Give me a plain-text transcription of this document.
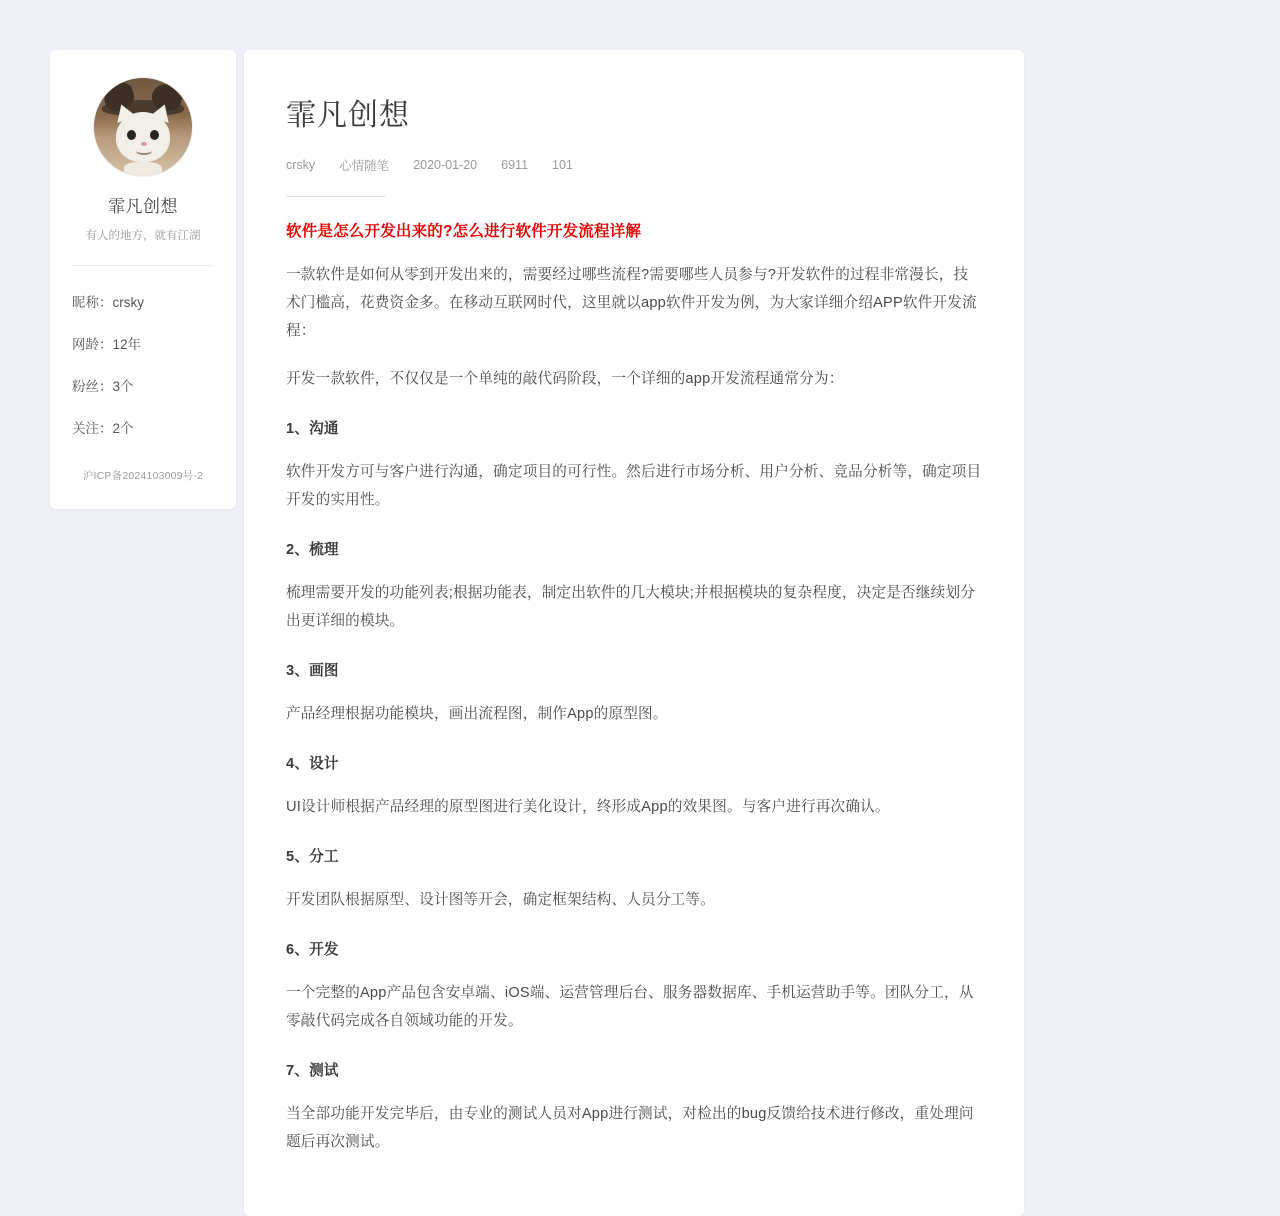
霏凡创想
有人的地方，就有江湖
昵称：crsky
网龄：12年
粉丝：3个
关注：2个
沪ICP备2024103009号-2
霏凡创想
crsky 心情随笔 2020-01-20 6911 101
软件是怎么开发出来的?怎么进行软件开发流程详解

一款软件是如何从零到开发出来的，需要经过哪些流程?需要哪些人员参与?开发软件的过程非常漫长，技术门槛高，花费资金多。在移动互联网时代，这里就以app软件开发为例，为大家详细介绍APP软件开发流程：

开发一款软件，不仅仅是一个单纯的敲代码阶段，一个详细的app开发流程通常分为：

1、沟通

软件开发方可与客户进行沟通，确定项目的可行性。然后进行市场分析、用户分析、竞品分析等，确定项目开发的实用性。

2、梳理

梳理需要开发的功能列表;根据功能表，制定出软件的几大模块;并根据模块的复杂程度，决定是否继续划分出更详细的模块。

3、画图

产品经理根据功能模块，画出流程图，制作App的原型图。

4、设计

UI设计师根据产品经理的原型图进行美化设计，终形成App的效果图。与客户进行再次确认。

5、分工

开发团队根据原型、设计图等开会，确定框架结构、人员分工等。

6、开发

一个完整的App产品包含安卓端、iOS端、运营管理后台、服务器数据库、手机运营助手等。团队分工，从零敲代码完成各自领域功能的开发。

7、测试

当全部功能开发完毕后，由专业的测试人员对App进行测试，对检出的bug反馈给技术进行修改，重处理问题后再次测试。
